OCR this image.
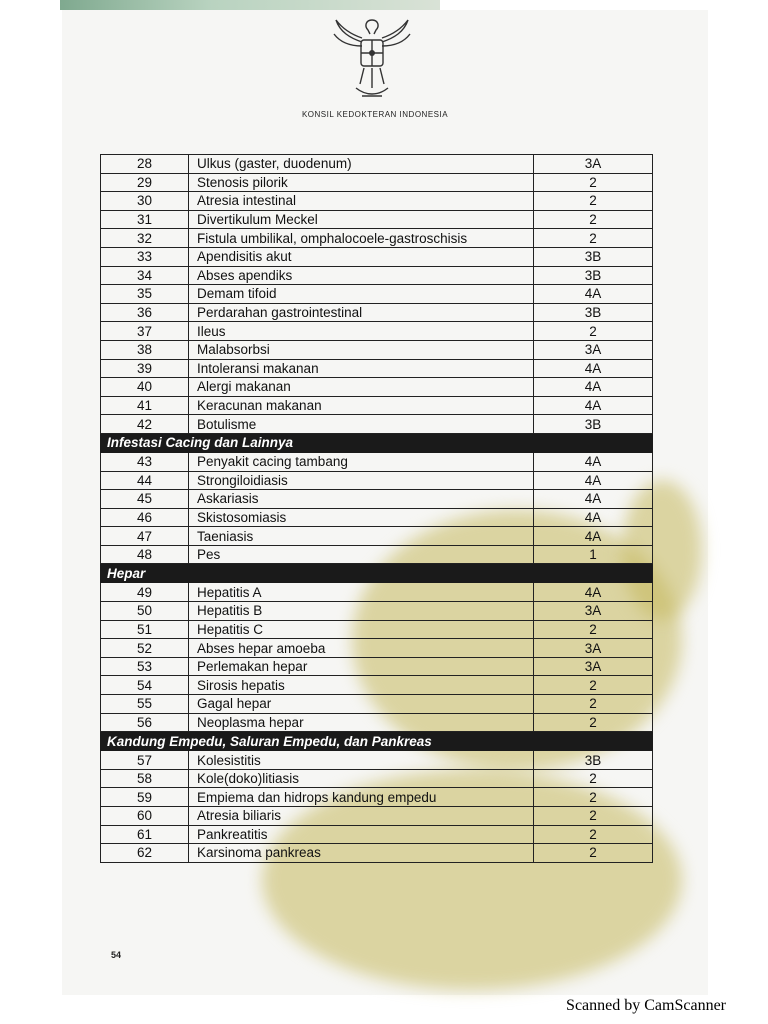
KONSIL KEDOKTERAN INDONESIA
28	Ulkus (gaster, duodenum)	3A
29	Stenosis pilorik	2
30	Atresia intestinal	2
31	Divertikulum Meckel	2
32	Fistula umbilikal, omphalocoele-gastroschisis	2
33	Apendisitis akut	3B
34	Abses apendiks	3B
35	Demam tifoid	4A
36	Perdarahan gastrointestinal	3B
37	Ileus	2
38	Malabsorbsi	3A
39	Intoleransi makanan	4A
40	Alergi makanan	4A
41	Keracunan makanan	4A
42	Botulisme	3B
Infestasi Cacing dan Lainnya		
43	Penyakit cacing tambang	4A
44	Strongiloidiasis	4A
45	Askariasis	4A
46	Skistosomiasis	4A
47	Taeniasis	4A
48	Pes	1
Hepar		
49	Hepatitis A	4A
50	Hepatitis B	3A
51	Hepatitis C	2
52	Abses hepar amoeba	3A
53	Perlemakan hepar	3A
54	Sirosis hepatis	2
55	Gagal hepar	2
56	Neoplasma hepar	2
Kandung Empedu, Saluran Empedu, dan Pankreas		
57	Kolesistitis	3B
58	Kole(doko)litiasis	2
59	Empiema dan hidrops kandung empedu	2
60	Atresia biliaris	2
61	Pankreatitis	2
62	Karsinoma pankreas	2
54
Scanned by CamScanner
